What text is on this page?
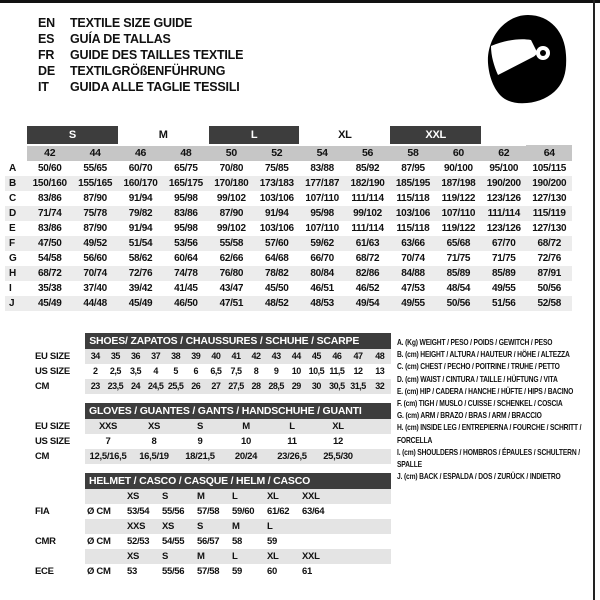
EN	TEXTILE SIZE GUIDE
ES	GUÍA DE TALLAS
FR	GUIDE DES TAILLES TEXTILE
DE	TEXTILGRÖßENFÜHRUNG
IT	GUIDA ALLE TAGLIE TESSILI
	S		M		L		XL		XXL			
	42	44	46	48	50	52	54	56	58	60	62	64
A	50/60	55/65	60/70	65/75	70/80	75/85	83/88	85/92	87/95	90/100	95/100	105/115
B	150/160	155/165	160/170	165/175	170/180	173/183	177/187	182/190	185/195	187/198	190/200	190/200
C	83/86	87/90	91/94	95/98	99/102	103/106	107/110	111/114	115/118	119/122	123/126	127/130
D	71/74	75/78	79/82	83/86	87/90	91/94	95/98	99/102	103/106	107/110	111/114	115/119
E	83/86	87/90	91/94	95/98	99/102	103/106	107/110	111/114	115/118	119/122	123/126	127/130
F	47/50	49/52	51/54	53/56	55/58	57/60	59/62	61/63	63/66	65/68	67/70	68/72
G	54/58	56/60	58/62	60/64	62/66	64/68	66/70	68/72	70/74	71/75	71/75	72/76
H	68/72	70/74	72/76	74/78	76/80	78/82	80/84	82/86	84/88	85/89	85/89	87/91
I	35/38	37/40	39/42	41/45	43/47	45/50	46/51	46/52	47/53	48/54	49/55	50/56
J	45/49	44/48	45/49	46/50	47/51	48/52	48/53	49/54	49/55	50/56	51/56	52/58
	SHOES/ ZAPATOS / CHAUSSURES / SCHUHE / SCARPE														
EU SIZE	34	35	36	37	38	39	40	41	42	43	44	45	46	47	48
US SIZE	2	2,5	3,5	4	5	6	6,5	7,5	8	9	10	10,5	11,5	12	13
CM	23	23,5	24	24,5	25,5	26	27	27,5	28	28,5	29	30	30,5	31,5	32
	GLOVES / GUANTES / GANTS / HANDSCHUHE / GUANTI						
EU SIZE	XXS	XS	S	M	L	XL	
US SIZE	7	8	9	10	11	12	
CM	12,5/16,5	16,5/19	18/21,5	20/24	23/26,5	25,5/30	
	HELMET / CASCO / CASQUE / HELM / CASCO							
		XS	S	M	L	XL	XXL	
FIA	Ø CM	53/54	55/56	57/58	59/60	61/62	63/64	
		XXS	XS	S	M	L		
CMR	Ø CM	52/53	54/55	56/57	58	59		
		XS	S	M	L	XL	XXL	
ECE	Ø CM	53	55/56	57/58	59	60	61	
A. (Kg) WEIGHT / PESO / POIDS / GEWITCH / PESO
B. (cm) HEIGHT / ALTURA / HAUTEUR / HÖHE / ALTEZZA
C. (cm) CHEST / PECHO / POITRINE / TRUHE / PETTO
D. (cm) WAIST / CINTURA / TAILLE / HÜFTUNG / VITA
E. (cm) HIP / CADERA / HANCHE / HÜFTE / HIPS / BACINO
F. (cm) TIGH / MUSLO / CUISSE / SCHENKEL / COSCIA
G. (cm) ARM / BRAZO / BRAS / ARM / BRACCIO
H. (cm) INSIDE LEG / ENTREPIERNA / FOURCHE / SCHRITT / FORCELLA
I. (cm) SHOULDERS / HOMBROS / ÉPAULES / SCHULTERN / SPALLE
J. (cm) BACK / ESPALDA / DOS / ZURÜCK / INDIETRO
